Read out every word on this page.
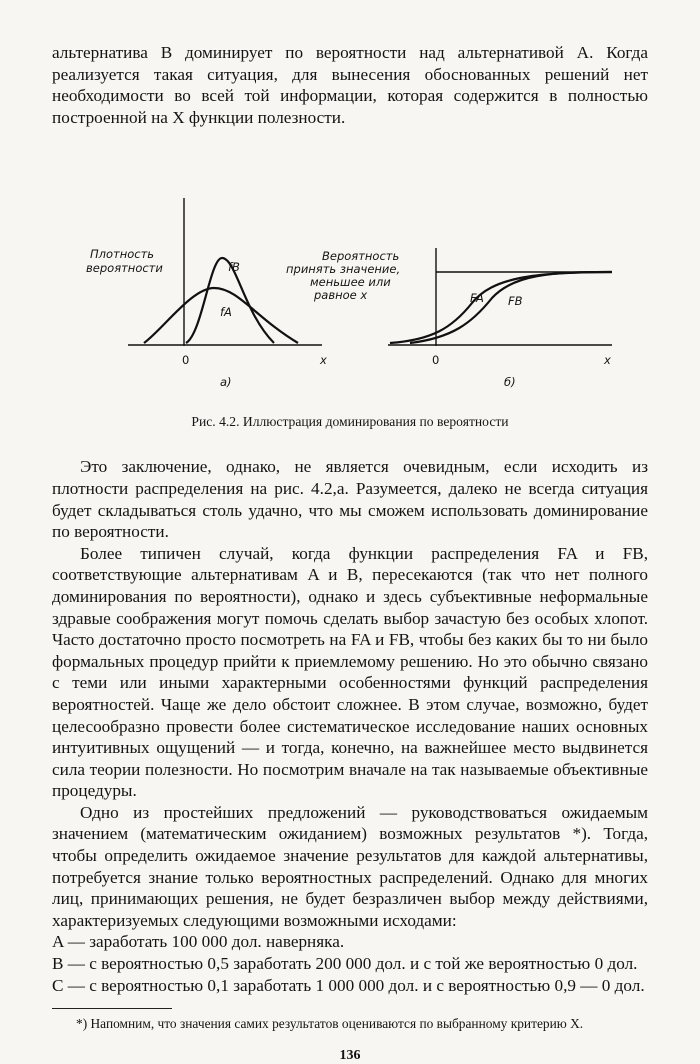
альтернатива B доминирует по вероятности над альтернативой A. Когда реализуется такая ситуация, для вынесения обоснованных решений нет необходимости во всей той информации, которая содержится в полностью построенной на X функции полезности.

Плотность
вероятности	fB
fA
0	x
а)
Вероятность
принять значение,
меньшее или
равное x	FA FB
0	x
б)

Рис. 4.2. Иллюстрация доминирования по вероятности

Это заключение, однако, не является очевидным, если исходить из плотности распределения на рис. 4.2,а. Разумеется, далеко не всегда ситуация будет складываться столь удачно, что мы сможем использовать доминирование по вероятности.

Более типичен случай, когда функции распределения FA и FB, соответствующие альтернативам A и B, пересекаются (так что нет полного доминирования по вероятности), однако и здесь субъективные неформальные здравые соображения могут помочь сделать выбор зачастую без особых хлопот. Часто достаточно просто посмотреть на FA и FB, чтобы без каких бы то ни было формальных процедур прийти к приемлемому решению. Но это обычно связано с теми или иными характерными особенностями функций распределения вероятностей. Чаще же дело обстоит сложнее. В этом случае, возможно, будет целесообразно провести более систематическое исследование наших основных интуитивных ощущений — и тогда, конечно, на важнейшее место выдвинется сила теории полезности. Но посмотрим вначале на так называемые объективные процедуры.

Одно из простейших предложений — руководствоваться ожидаемым значением (математическим ожиданием) возможных результатов *). Тогда, чтобы определить ожидаемое значение результатов для каждой альтернативы, потребуется знание только вероятностных распределений. Однако для многих лиц, принимающих решения, не будет безразличен выбор между действиями, характеризуемых следующими возможными исходами:

A — заработать 100 000 дол. наверняка.
B — с вероятностью 0,5 заработать 200 000 дол. и с той же вероятностью 0 дол.
C — с вероятностью 0,1 заработать 1 000 000 дол. и с вероятностью 0,9 — 0 дол.

*) Напомним, что значения самих результатов оцениваются по выбранному критерию X.

136
